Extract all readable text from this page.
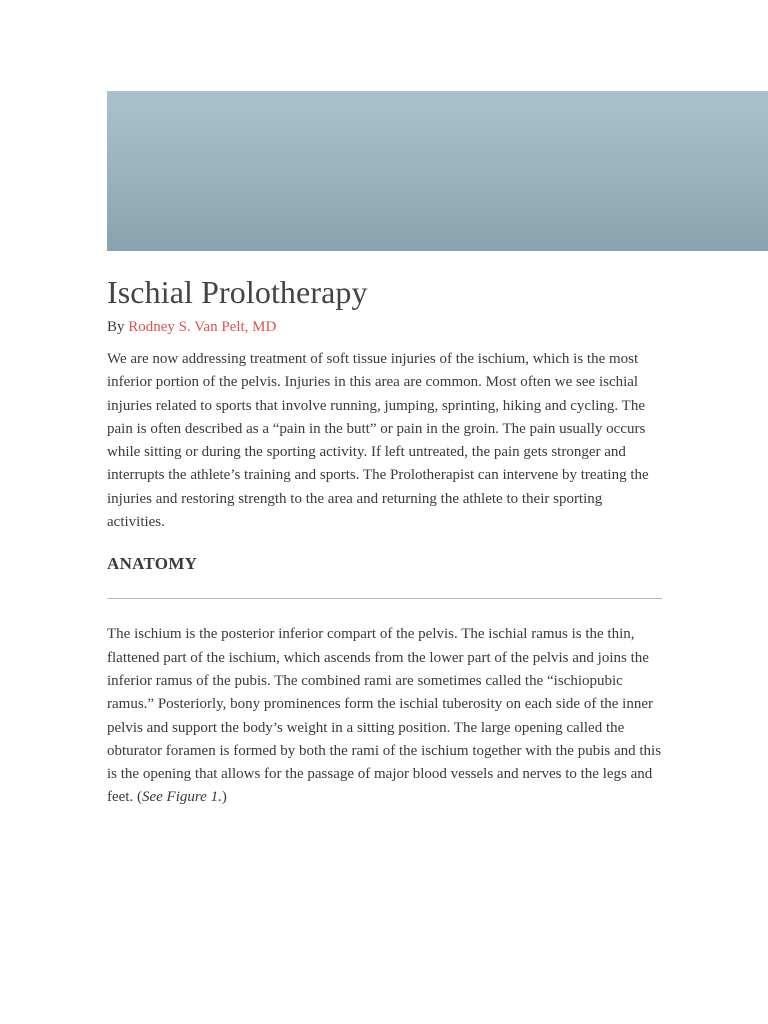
Ischial Prolotherapy

By Rodney S. Van Pelt, MD

We are now addressing treatment of soft tissue injuries of the ischium, which is the most inferior portion of the pelvis. Injuries in this area are common. Most often we see ischial injuries related to sports that involve running, jumping, sprinting, hiking and cycling. The pain is often described as a “pain in the butt” or pain in the groin. The pain usually occurs while sitting or during the sporting activity. If left untreated, the pain gets stronger and interrupts the athlete’s training and sports. The Prolotherapist can intervene by treating the injuries and restoring strength to the area and returning the athlete to their sporting activities.

ANATOMY

The ischium is the posterior inferior compart of the pelvis. The ischial ramus is the thin, flattened part of the ischium, which ascends from the lower part of the pelvis and joins the inferior ramus of the pubis. The combined rami are sometimes called the “ischiopubic ramus.” Posteriorly, bony prominences form the ischial tuberosity on each side of the inner pelvis and support the body’s weight in a sitting position. The large opening called the obturator foramen is formed by both the rami of the ischium together with the pubis and this is the opening that allows for the passage of major blood vessels and nerves to the legs and feet. (See Figure 1.)
